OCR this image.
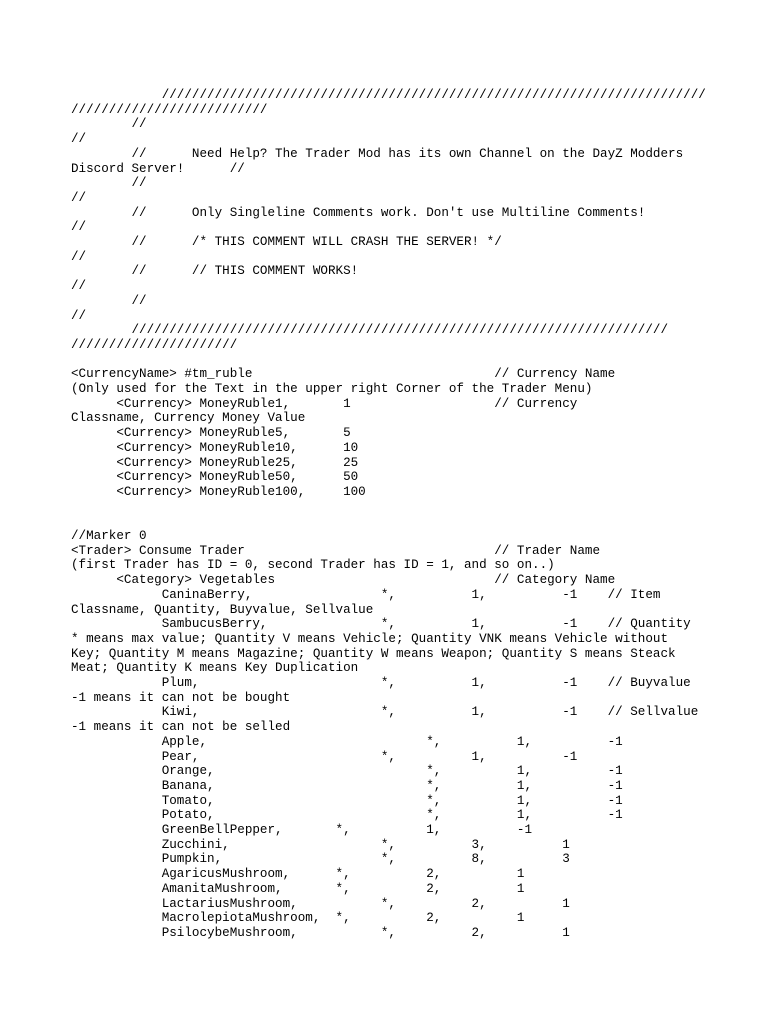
////////////////////////////////////////////////////////////////////////
//////////////////////////
//
//
//      Need Help? The Trader Mod has its own Channel on the DayZ Modders
Discord Server!      //
//
//
//      Only Singleline Comments work. Don't use Multiline Comments!
//
//      /* THIS COMMENT WILL CRASH THE SERVER! */
//
//      // THIS COMMENT WORKS!
//
//
//
///////////////////////////////////////////////////////////////////////
//////////////////////
<CurrencyName> #tm_ruble                                // Currency Name
(Only used for the Text in the upper right Corner of the Trader Menu)
<Currency> MoneyRuble1,       1                   // Currency
Classname, Currency Money Value
<Currency> MoneyRuble5,       5
<Currency> MoneyRuble10,      10
<Currency> MoneyRuble25,      25
<Currency> MoneyRuble50,      50
<Currency> MoneyRuble100,     100
//Marker 0
<Trader> Consume Trader                                 // Trader Name
(first Trader has ID = 0, second Trader has ID = 1, and so on..)
<Category> Vegetables                             // Category Name
CaninaBerry,                 *,          1,          -1    // Item
Classname, Quantity, Buyvalue, Sellvalue
SambucusBerry,               *,          1,          -1    // Quantity
* means max value; Quantity V means Vehicle; Quantity VNK means Vehicle without
Key; Quantity M means Magazine; Quantity W means Weapon; Quantity S means Steack
Meat; Quantity K means Key Duplication
Plum,                        *,          1,          -1    // Buyvalue
-1 means it can not be bought
Kiwi,                        *,          1,          -1    // Sellvalue
-1 means it can not be selled
Apple,                             *,          1,          -1
Pear,                        *,          1,          -1
Orange,                            *,          1,          -1
Banana,                            *,          1,          -1
Tomato,                            *,          1,          -1
Potato,                            *,          1,          -1
GreenBellPepper,       *,          1,          -1
Zucchini,                    *,          3,          1
Pumpkin,                     *,          8,          3
AgaricusMushroom,      *,          2,          1
AmanitaMushroom,       *,          2,          1
LactariusMushroom,           *,          2,          1
MacrolepiotaMushroom,  *,          2,          1
PsilocybeMushroom,           *,          2,          1
